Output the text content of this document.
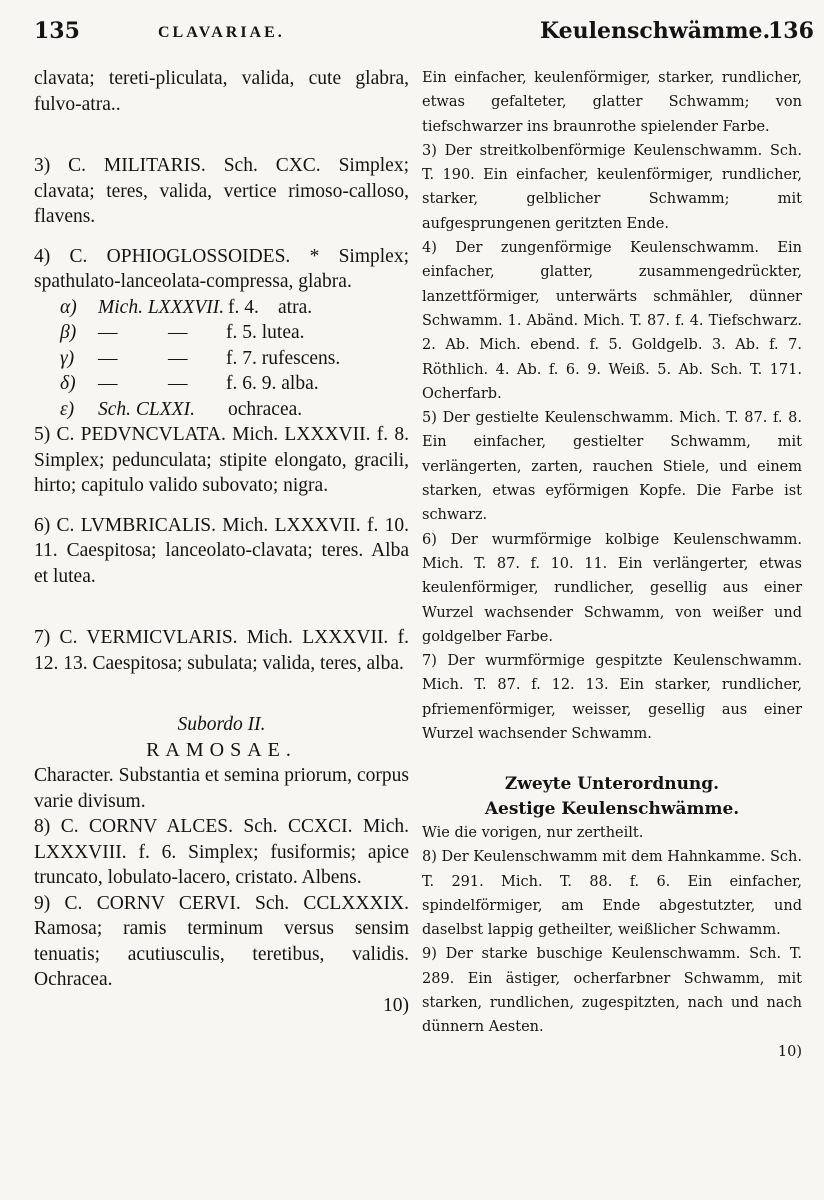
135	CLAVARIAE.	Keulenschwämme.
136

clavata; tereti-pliculata, valida, cute glabra, fulvo-atra..

3) C. MILITARIS. Sch. CXC. Simplex; clavata; teres, valida, vertice rimoso-calloso, flavens.

4) C. OPHIOGLOSSOIDES. * Simplex; spathulato-lanceolata-compressa, glabra.

α)	Mich. LXXXVII. f. 4. atra.
β)	—	—	f. 5. lutea.
γ)	—	—	f. 7. rufescens.
δ)	—	—	f. 6. 9. alba.
ε)	Sch. CLXXI.	ochracea.

5) C. PEDVNCVLATA. Mich. LXXXVII. f. 8. Simplex; pedunculata; stipite elongato, gracili, hirto; capitulo valido subovato; nigra.

6) C. LVMBRICALIS. Mich. LXXXVII. f. 10. 11. Caespitosa; lanceolato-clavata; teres. Alba et lutea.

7) C. VERMICVLARIS. Mich. LXXXVII. f. 12. 13. Caespitosa; subulata; valida, teres, alba.

Subordo II.

RAMOSAE.

Character. Substantia et semina priorum, corpus varie divisum.

8) C. CORNV ALCES. Sch. CCXCI. Mich. LXXXVIII. f. 6. Simplex; fusiformis; apice truncato, lobulato-lacero, cristato. Albens.

9) C. CORNV CERVI. Sch. CCLXXXIX. Ramosa; ramis terminum versus sensim tenuatis; acutiusculis, teretibus, validis. Ochracea.

10)

Ein einfacher, keulenförmiger, starker, rundlicher, etwas gefalteter, glatter Schwamm; von tiefschwarzer ins braunrothe spielender Farbe.

3) Der streitkolbenförmige Keulenschwamm. Sch. T. 190. Ein einfacher, keulenförmiger, rundlicher, starker, gelblicher Schwamm; mit aufgesprungenen geritzten Ende.

4) Der zungenförmige Keulenschwamm. Ein einfacher, glatter, zusammengedrückter, lanzettförmiger, unterwärts schmähler, dünner Schwamm. 1. Abänd. Mich. T. 87. f. 4. Tiefschwarz. 2. Ab. Mich. ebend. f. 5. Goldgelb. 3. Ab. f. 7. Röthlich. 4. Ab. f. 6. 9. Weiß. 5. Ab. Sch. T. 171. Ocherfarb.

5) Der gestielte Keulenschwamm. Mich. T. 87. f. 8. Ein einfacher, gestielter Schwamm, mit verlängerten, zarten, rauchen Stiele, und einem starken, etwas eyförmigen Kopfe. Die Farbe ist schwarz.

6) Der wurmförmige kolbige Keulenschwamm. Mich. T. 87. f. 10. 11. Ein verlängerter, etwas keulenförmiger, rundlicher, gesellig aus einer Wurzel wachsender Schwamm, von weißer und goldgelber Farbe.

7) Der wurmförmige gespitzte Keulenschwamm. Mich. T. 87. f. 12. 13. Ein starker, rundlicher, pfriemenförmiger, weisser, gesellig aus einer Wurzel wachsender Schwamm.

Zweyte Unterordnung.

Aestige Keulenschwämme.

Wie die vorigen, nur zertheilt.

8) Der Keulenschwamm mit dem Hahnkamme. Sch. T. 291. Mich. T. 88. f. 6. Ein einfacher, spindelförmiger, am Ende abgestutzter, und daselbst lappig getheilter, weißlicher Schwamm.

9) Der starke buschige Keulenschwamm. Sch. T. 289. Ein ästiger, ocherfarbner Schwamm, mit starken, rundlichen, zugespitzten, nach und nach dünnern Aesten.

10)
